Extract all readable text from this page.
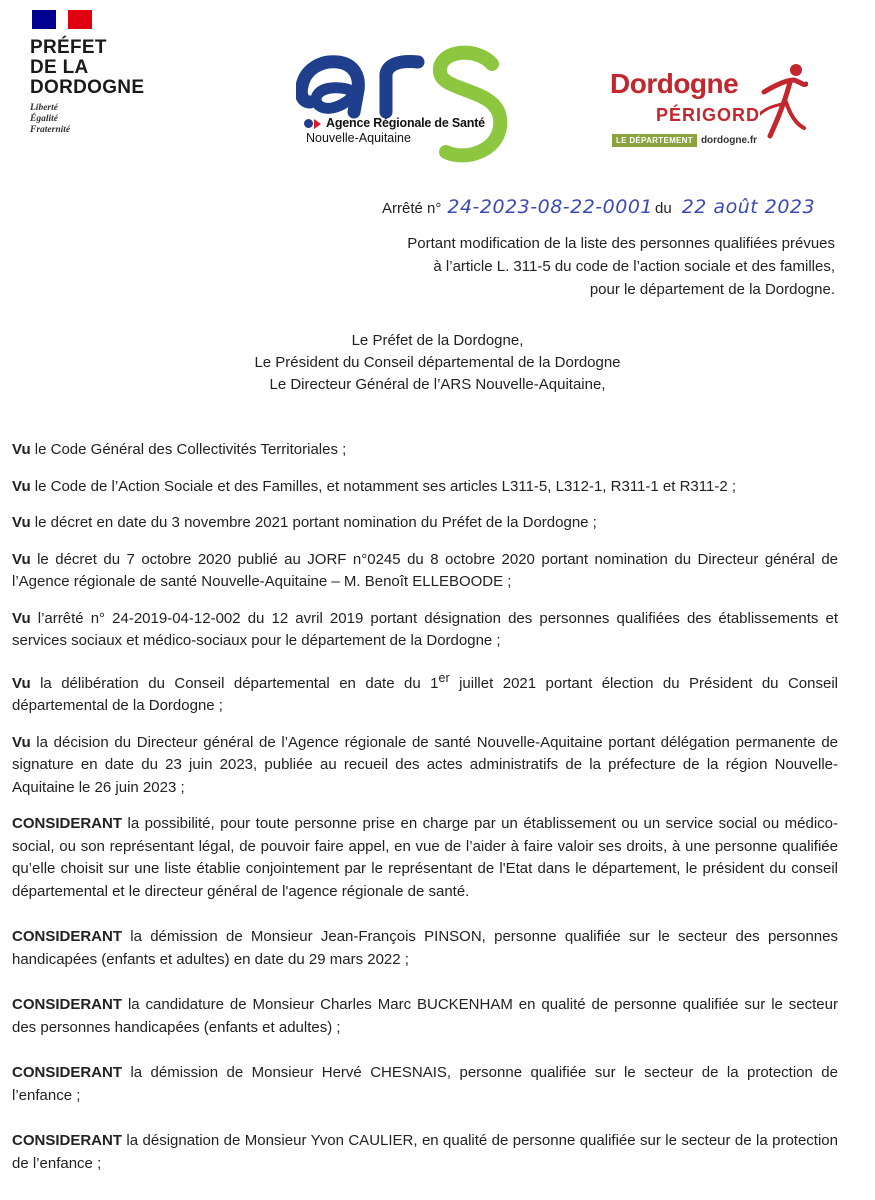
PRÉFET
DE LA
DORDOGNE
Liberté
Égalité
Fraternité	Agence Régionale de Santé
Nouvelle-Aquitaine
Dordogne
PÉRIGORD
LE DÉPARTEMENT dordogne.fr
Arrêté n° 24-2023-08-22-0001 du 22 août 2023
Portant modification de la liste des personnes qualifiées prévues
à l’article L. 311-5 du code de l’action sociale et des familles,
pour le département de la Dordogne.
Le Préfet de la Dordogne,
Le Président du Conseil départemental de la Dordogne
Le Directeur Général de l’ARS Nouvelle-Aquitaine,

Vu le Code Général des Collectivités Territoriales ;

Vu le Code de l’Action Sociale et des Familles, et notamment ses articles L311-5, L312-1, R311-1 et R311-2 ;

Vu le décret en date du 3 novembre 2021 portant nomination du Préfet de la Dordogne ;

Vu le décret du 7 octobre 2020 publié au JORF n°0245 du 8 octobre 2020 portant nomination du Directeur général de l’Agence régionale de santé Nouvelle-Aquitaine – M. Benoît ELLEBOODE ;

Vu l’arrêté n° 24-2019-04-12-002 du 12 avril 2019 portant désignation des personnes qualifiées des établissements et services sociaux et médico-sociaux pour le département de la Dordogne ;

Vu la délibération du Conseil départemental en date du 1er juillet 2021 portant élection du Président du Conseil départemental de la Dordogne ;

Vu la décision du Directeur général de l’Agence régionale de santé Nouvelle-Aquitaine portant délégation permanente de signature en date du 23 juin 2023, publiée au recueil des actes administratifs de la préfecture de la région Nouvelle-Aquitaine le 26 juin 2023 ;

CONSIDERANT la possibilité, pour toute personne prise en charge par un établissement ou un service social ou médico-social, ou son représentant légal, de pouvoir faire appel, en vue de l’aider à faire valoir ses droits, à une personne qualifiée qu’elle choisit sur une liste établie conjointement par le représentant de l'Etat dans le département, le président du conseil départemental et le directeur général de l'agence régionale de santé.

CONSIDERANT la démission de Monsieur Jean-François PINSON, personne qualifiée sur le secteur des personnes handicapées (enfants et adultes) en date du 29 mars 2022 ;

CONSIDERANT la candidature de Monsieur Charles Marc BUCKENHAM en qualité de personne qualifiée sur le secteur des personnes handicapées (enfants et adultes) ;

CONSIDERANT la démission de Monsieur Hervé CHESNAIS, personne qualifiée sur le secteur de la protection de l’enfance ;

CONSIDERANT la désignation de Monsieur Yvon CAULIER, en qualité de personne qualifiée sur le secteur de la protection de l’enfance ;
